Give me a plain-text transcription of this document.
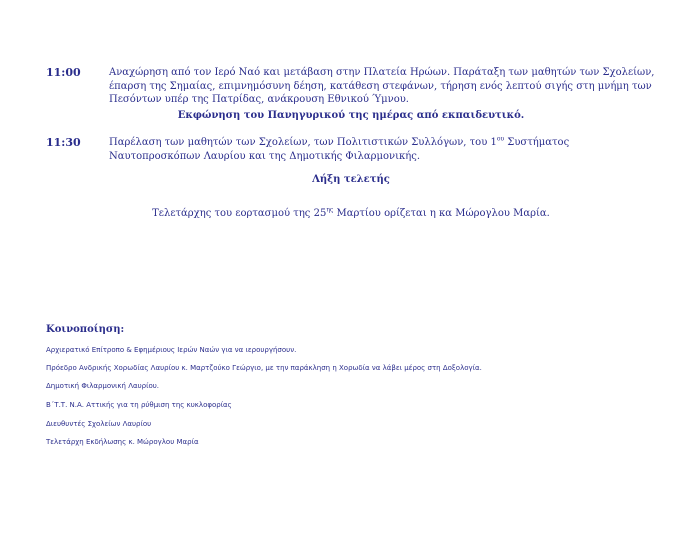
11:00	Αναχώρηση από τον Ιερό Ναό και μετάβαση στην Πλατεία Ηρώων. Παράταξη των μαθητών των Σχολείων, έπαρση της Σημαίας, επιμνημόσυνη δέηση, κατάθεση στεφάνων, τήρηση ενός λεπτού σιγής στη μνήμη των Πεσόντων υπέρ της Πατρίδας, ανάκρουση Εθνικού Ύμνου.
Εκφώνηση του Πανηγυρικού της ημέρας από εκπαιδευτικό.
11:30	Παρέλαση των μαθητών των Σχολείων, των Πολιτιστικών Συλλόγων, του $1^{o\upsilon}$ Συστήματος Ναυτοπροσκόπων Λαυρίου και της Δημοτικής Φιλαρμονικής.
Λήξη τελετής
Τελετάρχης του εορτασμού της $25^{\eta\varsigma}$ Μαρτίου ορίζεται η κα Μώρογλου Μαρία.
Κοινοποίηση:
Αρχιερατικό Επίτροπο & Εφημέριους Ιερών Ναών για να ιερουργήσουν.
Πρόεδρο Ανδρικής Χορωδίας Λαυρίου κ. Μαρτζούκο Γεώργιο, με την παράκληση η Χορωδία να λάβει μέρος στη Δοξολογία.
Δημοτική Φιλαρμονική Λαυρίου.
Β΄Τ.Τ. Ν.Α. Αττικής για τη ρύθμιση της κυκλοφορίας
Διευθυντές Σχολείων Λαυρίου
Τελετάρχη Εκδήλωσης κ. Μώρογλου Μαρία
